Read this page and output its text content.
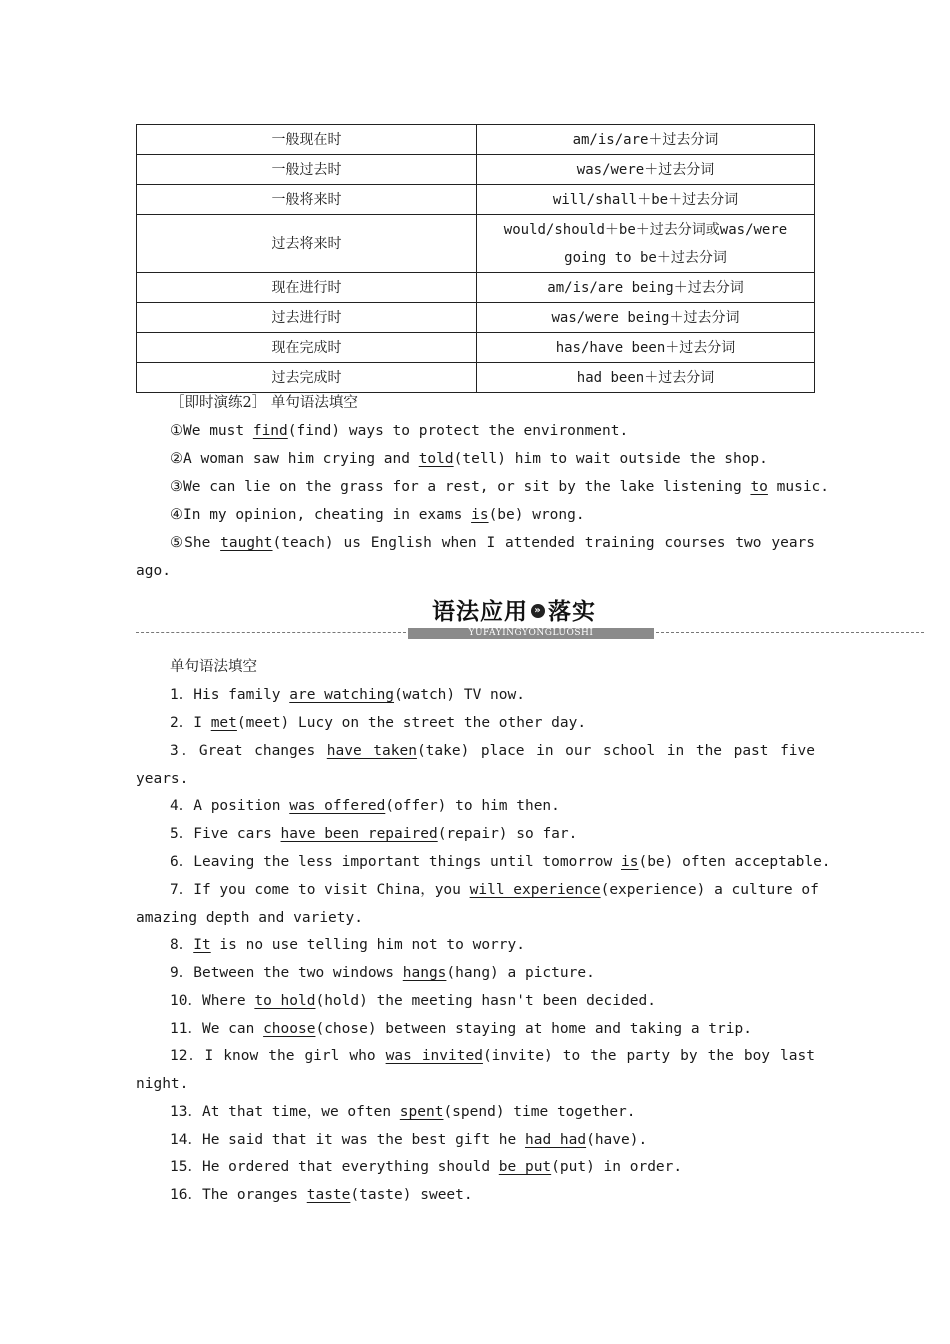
一般现在时	am/is/are＋过去分词
一般过去时	was/were＋过去分词
一般将来时	will/shall＋be＋过去分词
过去将来时	would/should＋be＋过去分词或was/were
going to be＋过去分词

现在进行时	am/is/are being＋过去分词
过去进行时	was/were being＋过去分词
现在完成时	has/have been＋过去分词
过去完成时	had been＋过去分词
［即时演练2］ 单句语法填空
①We must find(find) ways to protect the environment.
②A woman saw him crying and told(tell) him to wait outside the shop.
③We can lie on the grass for a rest, or sit by the lake listening to music.
④In my opinion, cheating in exams is(be) wrong.
⑤She taught(teach) us English when I attended training courses two years
ago.
语法应用 » 落实
YUFAYINGYONGLUOSHI
单句语法填空
1．His family are watching(watch) TV now.
2．I met(meet) Lucy on the street the other day.
3．Great changes have taken(take) place in our school in the past five
years.
4．A position was offered(offer) to him then.
5．Five cars have been repaired(repair) so far.
6．Leaving the less important things until tomorrow is(be) often acceptable.
7．If you come to visit China，you will experience(experience) a culture of
amazing depth and variety.
8．It is no use telling him not to worry.
9．Between the two windows hangs(hang) a picture.
10．Where to hold(hold) the meeting hasn't been decided.
11．We can choose(chose) between staying at home and taking a trip.
12．I know the girl who was invited(invite) to the party by the boy last
night.
13．At that time，we often spent(spend) time together.
14．He said that it was the best gift he had had(have).
15．He ordered that everything should be put(put) in order.
16．The oranges taste(taste) sweet.
